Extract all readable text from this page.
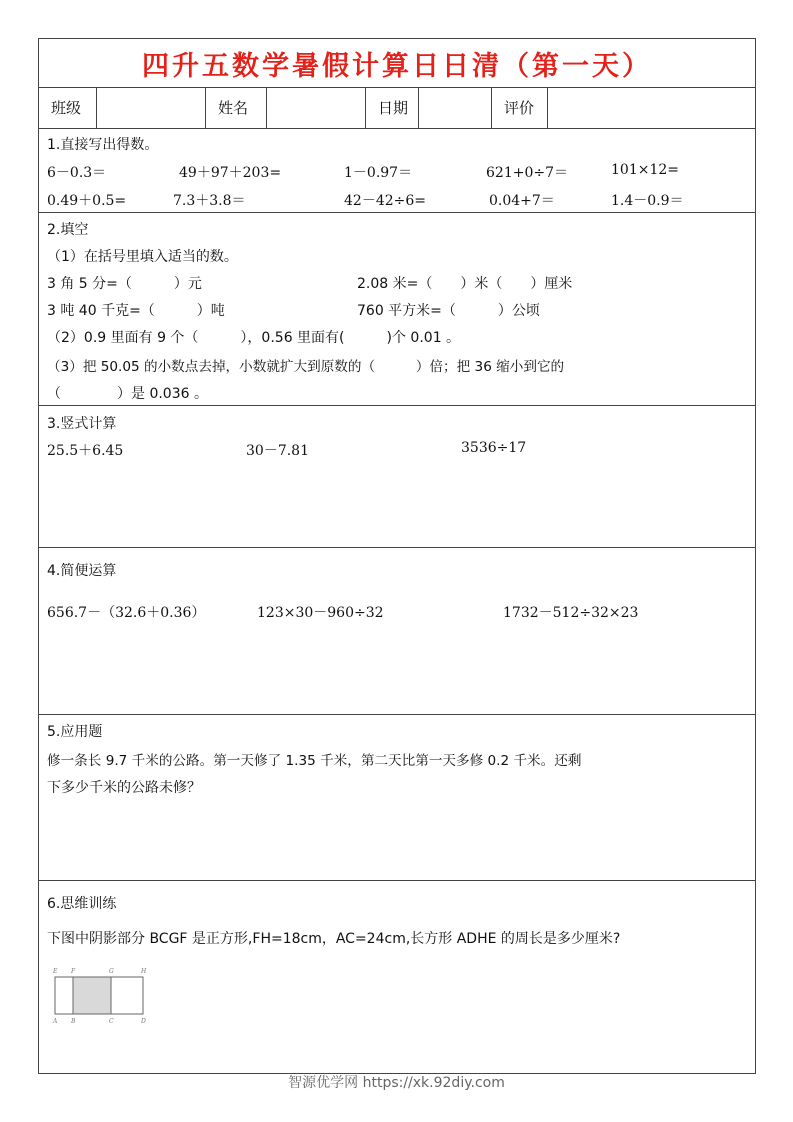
四升五数学暑假计算日日清（第一天）
班级	姓名	日期	评价
1.直接写出得数。
6－0.3＝	49＋97＋203=	1－0.97＝	621+0÷7＝	101×12=
0.49＋0.5=	7.3＋3.8＝	42－42÷6=	0.04+7＝	1.4－0.9＝
2.填空
（1）在括号里填入适当的数。
3 角 5 分=（　　　）元	2.08 米=（　　）米（　　）厘米
3 吨 40 千克=（　　　）吨	760 平方米=（　　　）公顷
（2）0.9 里面有 9 个（　　　），0.56 里面有(　　　)个 0.01 。
（3）把 50.05 的小数点去掉，小数就扩大到原数的（　　　）倍；把 36 缩小到它的
（　　　　）是 0.036 。
3.竖式计算
25.5＋6.45	30－7.81	3536÷17
4.简便运算
656.7－（32.6＋0.36）	123×30－960÷32	1732－512÷32×23
5.应用题
修一条长 9.7 千米的公路。第一天修了 1.35 千米，第二天比第一天多修 0.2 千米。还剩
下多少千米的公路未修？
6.思维训练
下图中阴影部分 BCGF 是正方形,FH=18cm，AC=24cm,长方形 ADHE 的周长是多少厘米?
E F	G	H
A B	C	D
智源优学网 https://xk.92diy.com
